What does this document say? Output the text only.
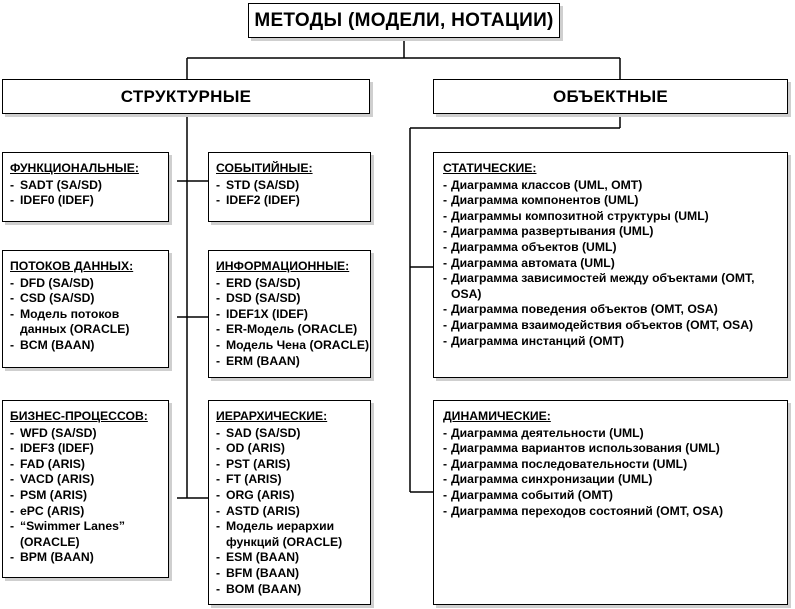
МЕТОДЫ (МОДЕЛИ, НОТАЦИИ)
СТРУКТУРНЫЕ	ОБЪЕКТНЫЕ
ФУНКЦИОНАЛЬНЫЕ:
- SADT (SA/SD)
- IDEF0 (IDEF)
СОБЫТИЙНЫЕ:
- STD (SA/SD)
- IDEF2 (IDEF)
ПОТОКОВ ДАННЫХ:
- DFD (SA/SD)
- CSD (SA/SD)
- Модель потоков данных (ORACLE)
- BCM (BAAN)
ИНФОРМАЦИОННЫЕ:
- ERD (SA/SD)
- DSD (SA/SD)
- IDEF1X (IDEF)
- ER-Модель (ORACLE)
- Модель Чена (ORACLE)
- ERM (BAAN)
БИЗНЕС-ПРОЦЕССОВ:
- WFD (SA/SD)
- IDEF3 (IDEF)
- FAD (ARIS)
- VACD (ARIS)
- PSM (ARIS)
- ePC (ARIS)
- “Swimmer Lanes” (ORACLE)
- BPM (BAAN)
ИЕРАРХИЧЕСКИЕ:
- SAD (SA/SD)
- OD (ARIS)
- PST (ARIS)
- FT (ARIS)
- ORG (ARIS)
- ASTD (ARIS)
- Модель иерархии функций (ORACLE)
- ESM (BAAN)
- BFM (BAAN)
- BOM (BAAN)
СТАТИЧЕСКИЕ:
- Диаграмма классов (UML, OMT)
- Диаграмма компонентов (UML)
- Диаграммы композитной структуры (UML)
- Диаграмма развертывания (UML)
- Диаграмма объектов (UML)
- Диаграмма автомата (UML)
- Диаграмма зависимостей между объектами (OMT, OSA)
- Диаграмма поведения объектов (OMT, OSA)
- Диаграмма взаимодействия объектов (OMT, OSA)
- Диаграмма инстанций (OMT)
ДИНАМИЧЕСКИЕ:
- Диаграмма деятельности (UML)
- Диаграмма вариантов использования (UML)
- Диаграмма последовательности (UML)
- Диаграмма синхронизации (UML)
- Диаграмма событий (OMT)
- Диаграмма переходов состояний (OMT, OSA)
